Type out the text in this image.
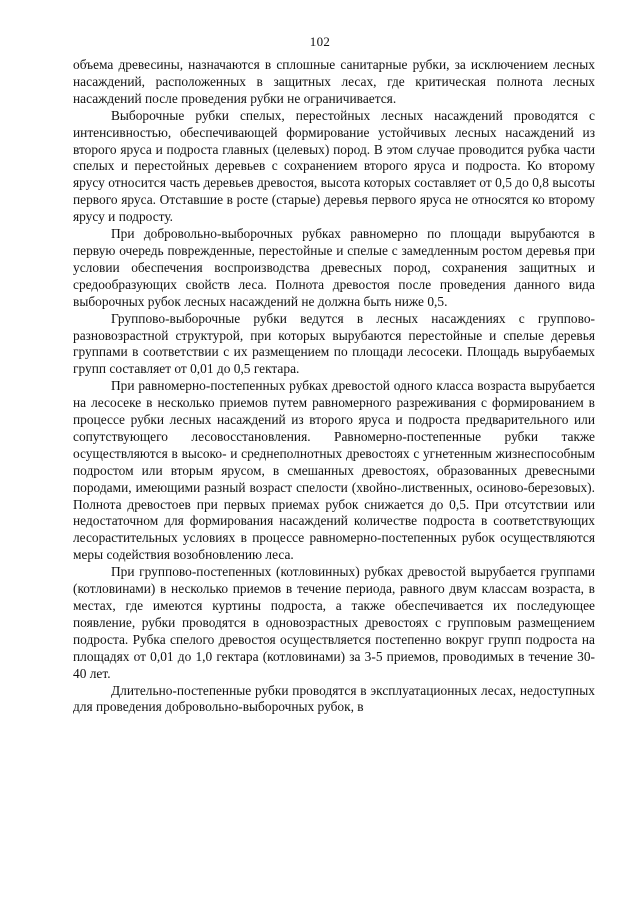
102

объема древесины, назначаются в сплошные санитарные рубки, за исключением лесных насаждений, расположенных в защитных лесах, где критическая полнота лесных насаждений после проведения рубки не ограничивается.

Выборочные рубки спелых, перестойных лесных насаждений проводятся с интенсивностью, обеспечивающей формирование устойчивых лесных насаждений из второго яруса и подроста главных (целевых) пород. В этом случае проводится рубка части спелых и перестойных деревьев с сохранением второго яруса и подроста. Ко второму ярусу относится часть деревьев древостоя, высота которых составляет от 0,5 до 0,8 высоты первого яруса. Отставшие в росте (старые) деревья первого яруса не относятся ко второму ярусу и подросту.

При добровольно-выборочных рубках равномерно по площади вырубаются в первую очередь поврежденные, перестойные и спелые с замедленным ростом деревья при условии обеспечения воспроизводства древесных пород, сохранения защитных и средообразующих свойств леса. Полнота древостоя после проведения данного вида выборочных рубок лесных насаждений не должна быть ниже 0,5.

Группово-выборочные рубки ведутся в лесных насаждениях с группово-разновозрастной структурой, при которых вырубаются перестойные и спелые деревья группами в соответствии с их размещением по площади лесосеки. Площадь вырубаемых групп составляет от 0,01 до 0,5 гектара.

При равномерно-постепенных рубках древостой одного класса возраста вырубается на лесосеке в несколько приемов путем равномерного разреживания с формированием в процессе рубки лесных насаждений из второго яруса и подроста предварительного или сопутствующего лесовосстановления. Равномерно-постепенные рубки также осуществляются в высоко- и среднеполнотных древостоях с угнетенным жизнеспособным подростом или вторым ярусом, в смешанных древостоях, образованных древесными породами, имеющими разный возраст спелости (хвойно-лиственных, осиново-березовых). Полнота древостоев при первых приемах рубок снижается до 0,5. При отсутствии или недостаточном для формирования насаждений количестве подроста в соответствующих лесорастительных условиях в процессе равномерно-постепенных рубок осуществляются меры содействия возобновлению леса.

При группово-постепенных (котловинных) рубках древостой вырубается группами (котловинами) в несколько приемов в течение периода, равного двум классам возраста, в местах, где имеются куртины подроста, а также обеспечивается их последующее появление, рубки проводятся в одновозрастных древостоях с групповым размещением подроста. Рубка спелого древостоя осуществляется постепенно вокруг групп подроста на площадях от 0,01 до 1,0 гектара (котловинами) за 3-5 приемов, проводимых в течение 30-40 лет.

Длительно-постепенные рубки проводятся в эксплуатационных лесах, недоступных для проведения добровольно-выборочных рубок, в
